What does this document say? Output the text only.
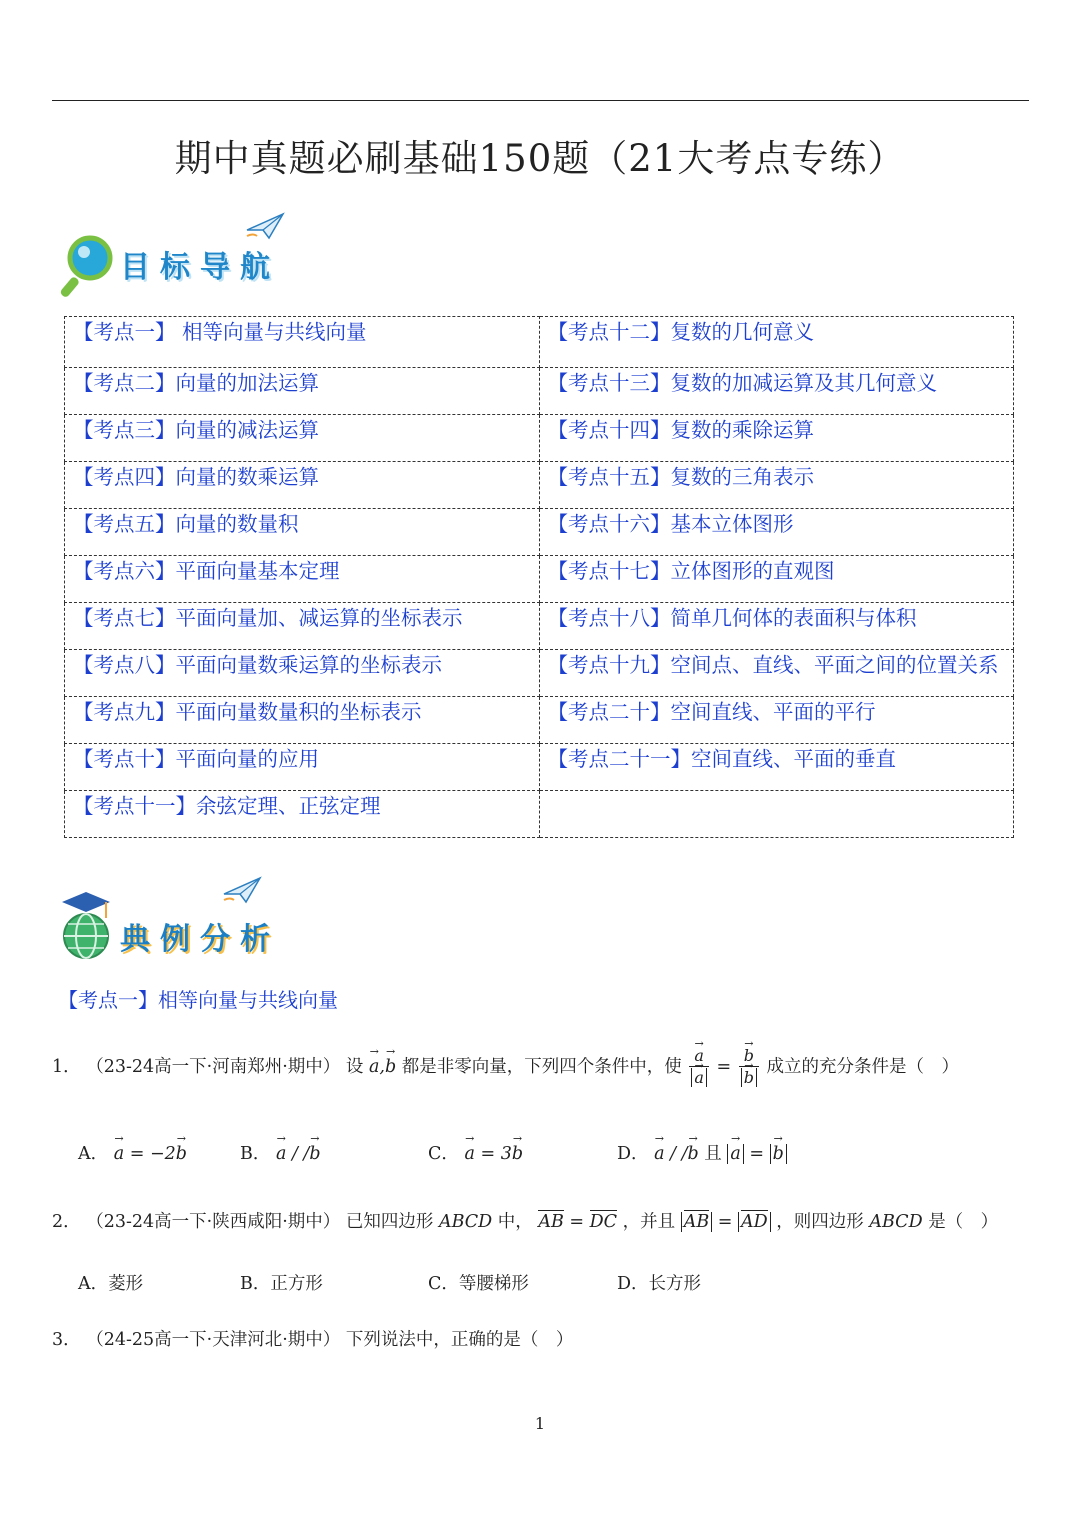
期中真题必刷基础150题（21大考点专练）
目标导航
【考点一】 相等向量与共线向量	【考点十二】复数的几何意义
【考点二】向量的加法运算	【考点十三】复数的加减运算及其几何意义
【考点三】向量的减法运算	【考点十四】复数的乘除运算
【考点四】向量的数乘运算	【考点十五】复数的三角表示
【考点五】向量的数量积	【考点十六】基本立体图形
【考点六】平面向量基本定理	【考点十七】立体图形的直观图
【考点七】平面向量加、减运算的坐标表示	【考点十八】简单几何体的表面积与体积
【考点八】平面向量数乘运算的坐标表示	【考点十九】空间点、直线、平面之间的位置关系
【考点九】平面向量数量积的坐标表示	【考点二十】空间直线、平面的平行
【考点十】平面向量的应用	【考点二十一】空间直线、平面的垂直
【考点十一】余弦定理、正弦定理	
典例分析
【考点一】相等向量与共线向量
1． （23-24高一下·河南郑州·期中） 设 → a,→ b 都是非零向量，下列四个条件中，使 → a
→ a = → b
→ b 成立的充分条件是（　）
A． → a = −2→ b	B． → a / /→ b	C． → a = 3→ b	D． → a / /→ b 且 → a = → b
2． （23-24高一下·陕西咸阳·期中） 已知四边形 ABCD 中， AB = DC ，并且 AB = AD ，则四边形 ABCD 是（　）
A．菱形	B．正方形	C．等腰梯形	D．长方形
3． （24-25高一下·天津河北·期中） 下列说法中，正确的是（　）
1
